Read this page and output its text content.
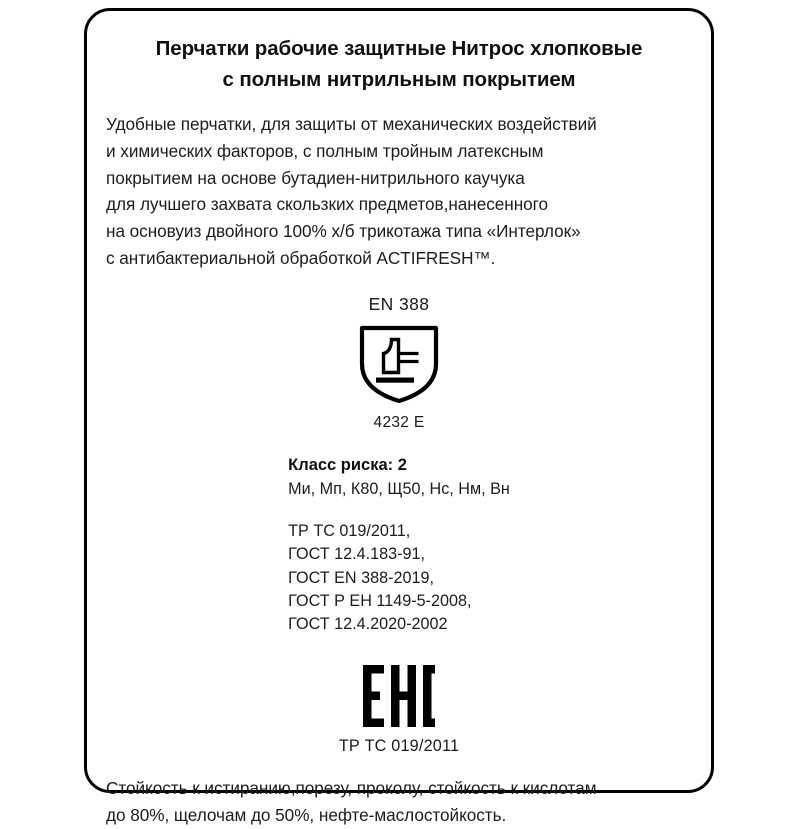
Перчатки рабочие защитные Нитрос хлопковые
с полным нитрильным покрытием
Удобные перчатки, для защиты от механических воздействий
и химических факторов, с полным тройным латексным
покрытием на основе бутадиен-нитрильного каучука
для лучшего захвата скользких предметов,нанесенного
на основуиз двойного 100% х/б трикотажа типа «Интерлок»
с антибактериальной обработкой ACTIFRESH™.
EN 388
4232 E
Класс риска: 2
Ми, Мп, К80, Щ50, Нс, Нм, Вн
ТР ТС 019/2011,
ГОСТ 12.4.183-91,
ГОСТ EN 388-2019,
ГОСТ Р ЕН 1149-5-2008,
ГОСТ 12.4.2020-2002
ТР ТС 019/2011
Стойкость к истиранию,порезу, проколу, стойкость к кислотам
до 80%, щелочам до 50%, нефте-маслостойкость.
